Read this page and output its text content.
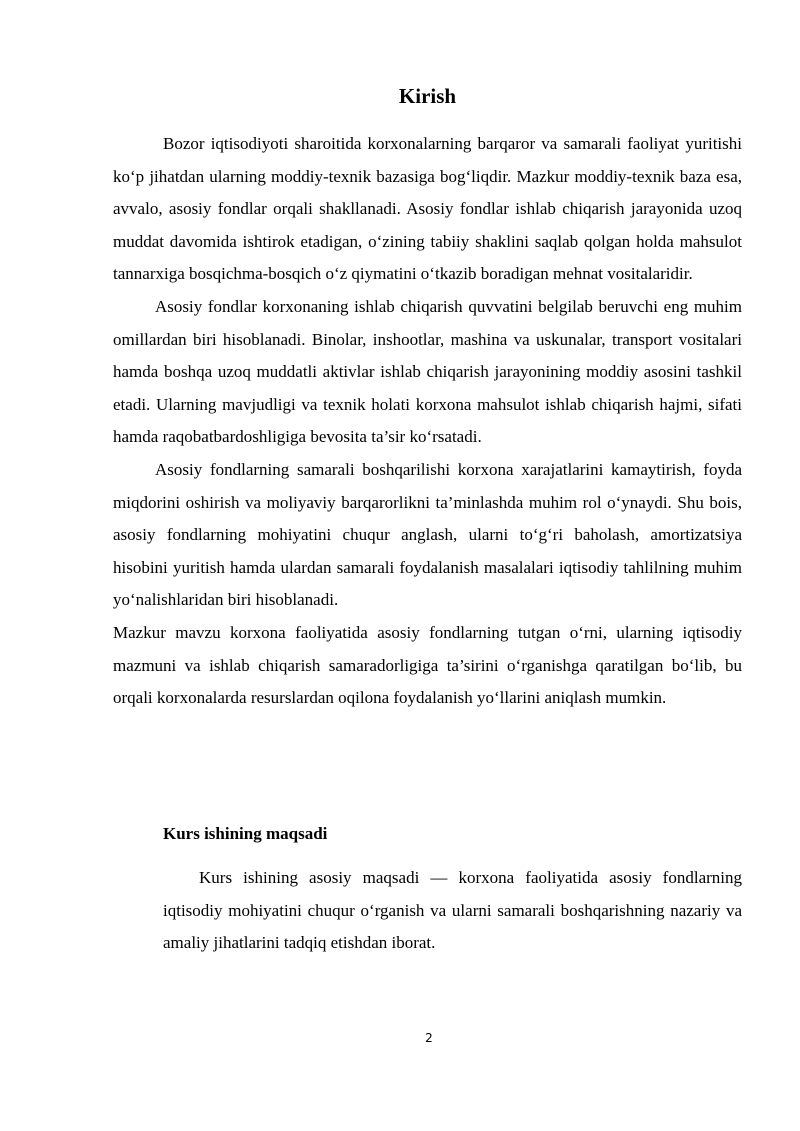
Kirish

Bozor iqtisodiyoti sharoitida korxonalarning barqaror va samarali faoliyat yuritishi ko‘p jihatdan ularning moddiy-texnik bazasiga bog‘liqdir. Mazkur moddiy-texnik baza esa, avvalo, asosiy fondlar orqali shakllanadi. Asosiy fondlar ishlab chiqarish jarayonida uzoq muddat davomida ishtirok etadigan, o‘zining tabiiy shaklini saqlab qolgan holda mahsulot tannarxiga bosqichma-bosqich o‘z qiymatini o‘tkazib boradigan mehnat vositalaridir.

Asosiy fondlar korxonaning ishlab chiqarish quvvatini belgilab beruvchi eng muhim omillardan biri hisoblanadi. Binolar, inshootlar, mashina va uskunalar, transport vositalari hamda boshqa uzoq muddatli aktivlar ishlab chiqarish jarayonining moddiy asosini tashkil etadi. Ularning mavjudligi va texnik holati korxona mahsulot ishlab chiqarish hajmi, sifati hamda raqobatbardoshligiga bevosita ta’sir ko‘rsatadi.

Asosiy fondlarning samarali boshqarilishi korxona xarajatlarini kamaytirish, foyda miqdorini oshirish va moliyaviy barqarorlikni ta’minlashda muhim rol o‘ynaydi. Shu bois, asosiy fondlarning mohiyatini chuqur anglash, ularni to‘g‘ri baholash, amortizatsiya hisobini yuritish hamda ulardan samarali foydalanish masalalari iqtisodiy tahlilning muhim yo‘nalishlaridan biri hisoblanadi.

Mazkur mavzu korxona faoliyatida asosiy fondlarning tutgan o‘rni, ularning iqtisodiy mazmuni va ishlab chiqarish samaradorligiga ta’sirini o‘rganishga qaratilgan bo‘lib, bu orqali korxonalarda resurslardan oqilona foydalanish yo‘llarini aniqlash mumkin.

Kurs ishining maqsadi

Kurs ishining asosiy maqsadi — korxona faoliyatida asosiy fondlarning iqtisodiy mohiyatini chuqur o‘rganish va ularni samarali boshqarishning nazariy va amaliy jihatlarini tadqiq etishdan iborat.

2
